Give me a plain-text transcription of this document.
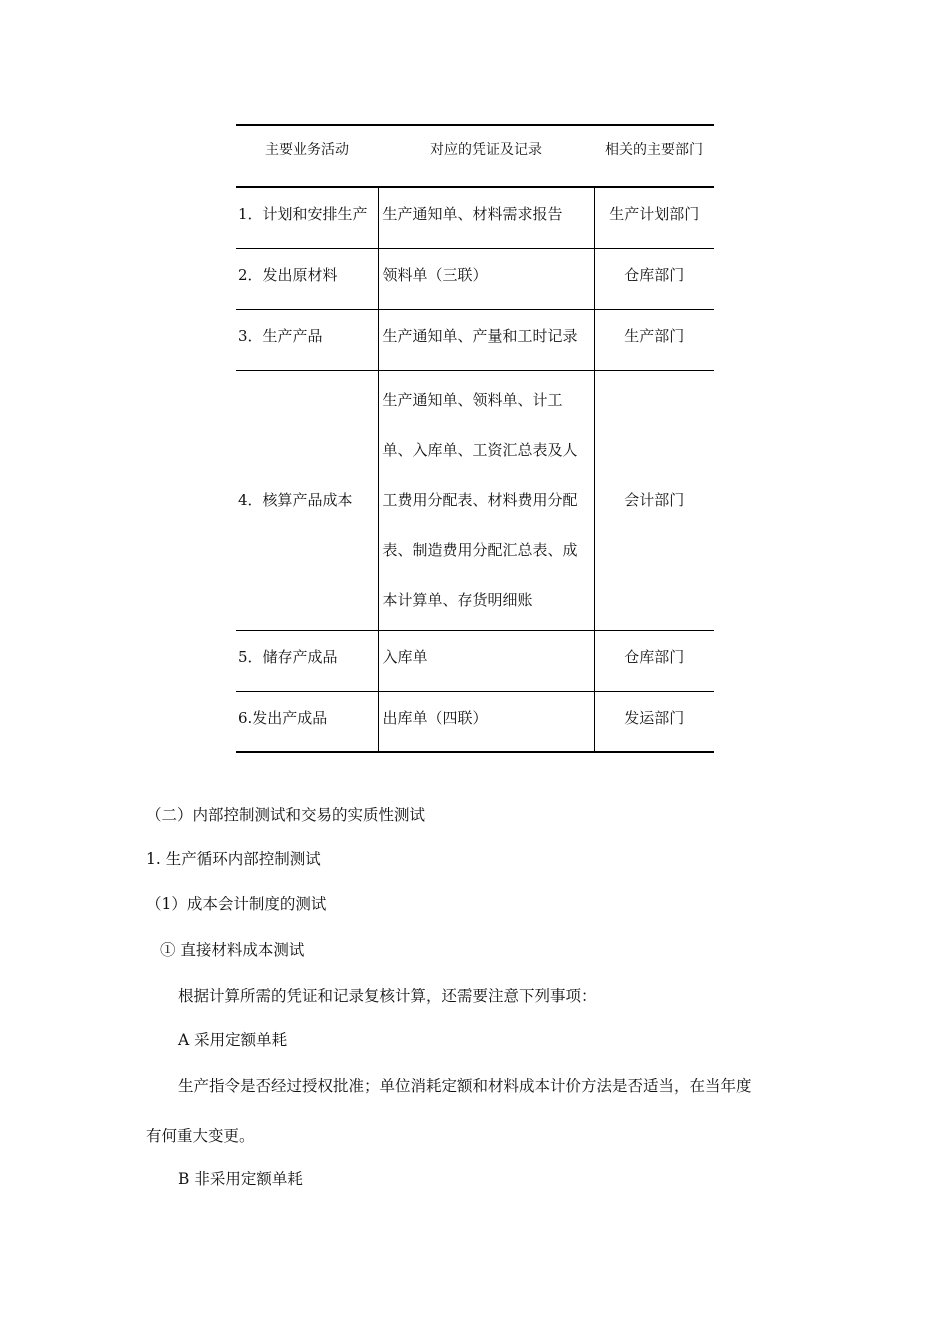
主要业务活动	对应的凭证及记录	相关的主要部门
1．计划和安排生产	生产通知单、材料需求报告	生产计划部门
2．发出原材料	领料单（三联）	仓库部门
3．生产产品	生产通知单、产量和工时记录	生产部门
4．核算产品成本	生产通知单、领料单、计工单、入库单、工资汇总表及人工费用分配表、材料费用分配表、制造费用分配汇总表、成本计算单、存货明细账	会计部门
5．储存产成品	入库单	仓库部门
6.发出产成品	出库单（四联）	发运部门

（二）内部控制测试和交易的实质性测试

1. 生产循环内部控制测试

（1）成本会计制度的测试

① 直接材料成本测试

根据计算所需的凭证和记录复核计算，还需要注意下列事项：

A 采用定额单耗

生产指令是否经过授权批准；单位消耗定额和材料成本计价方法是否适当，在当年度

有何重大变更。

B 非采用定额单耗
